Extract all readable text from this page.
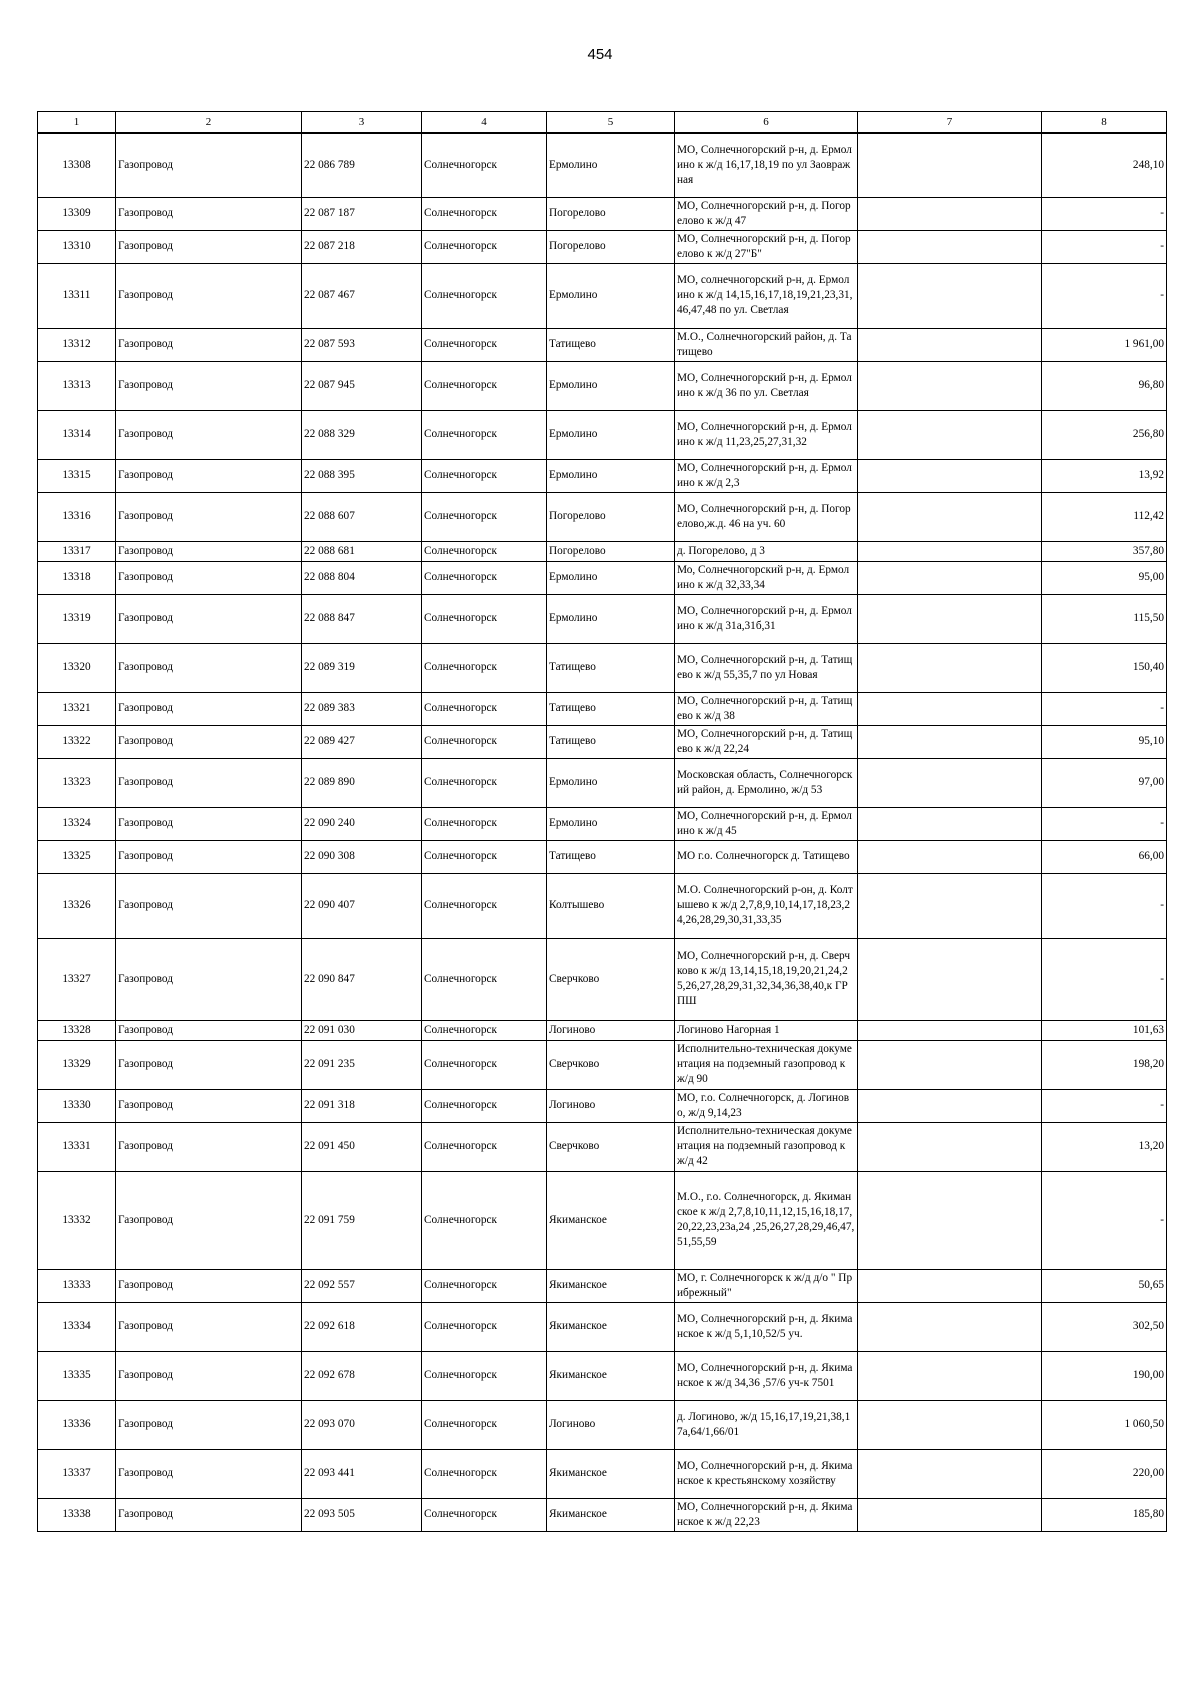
454
1	2	3	4	5	6	7	8
13308	Газопровод	22 086 789	Солнечногорск	Ермолино	МО, Солнечногорский р-н, д. Ермолино к ж/д 16,17,18,19 по ул Заовражная		248,10
13309	Газопровод	22 087 187	Солнечногорск	Погорелово	МО, Солнечногорский р-н, д. Погорелово к ж/д 47		-
13310	Газопровод	22 087 218	Солнечногорск	Погорелово	МО, Солнечногорский р-н, д. Погорелово к ж/д 27"Б"		-
13311	Газопровод	22 087 467	Солнечногорск	Ермолино	МО, солнечногорский р-н, д. Ермолино к ж/д 14,15,16,17,18,19,21,23,31,46,47,48 по ул. Светлая		-
13312	Газопровод	22 087 593	Солнечногорск	Татищево	М.О., Солнечногорский район, д. Татищево		1 961,00
13313	Газопровод	22 087 945	Солнечногорск	Ермолино	МО, Солнечногорский р-н, д. Ермолино к ж/д 36 по ул. Светлая		96,80
13314	Газопровод	22 088 329	Солнечногорск	Ермолино	МО, Солнечногорский р-н, д. Ермолино к ж/д 11,23,25,27,31,32		256,80
13315	Газопровод	22 088 395	Солнечногорск	Ермолино	МО, Солнечногорский р-н, д. Ермолино к ж/д 2,3		13,92
13316	Газопровод	22 088 607	Солнечногорск	Погорелово	МО, Солнечногорский р-н, д. Погорелово,ж.д. 46 на уч. 60		112,42
13317	Газопровод	22 088 681	Солнечногорск	Погорелово	д. Погорелово, д 3		357,80
13318	Газопровод	22 088 804	Солнечногорск	Ермолино	Мо, Солнечногорский р-н, д. Ермолино к ж/д 32,33,34		95,00
13319	Газопровод	22 088 847	Солнечногорск	Ермолино	МО, Солнечногорский р-н, д. Ермолино к ж/д 31а,31б,31		115,50
13320	Газопровод	22 089 319	Солнечногорск	Татищево	МО, Солнечногорский р-н, д. Татищево к ж/д 55,35,7 по ул Новая		150,40
13321	Газопровод	22 089 383	Солнечногорск	Татищево	МО, Солнечногорский р-н, д. Татищево к ж/д 38		-
13322	Газопровод	22 089 427	Солнечногорск	Татищево	МО, Солнечногорский р-н, д. Татищево к ж/д 22,24		95,10
13323	Газопровод	22 089 890	Солнечногорск	Ермолино	Московская область, Солнечногорский район, д. Ермолино, ж/д 53		97,00
13324	Газопровод	22 090 240	Солнечногорск	Ермолино	МО, Солнечногорский р-н, д. Ермолино к ж/д 45		-
13325	Газопровод	22 090 308	Солнечногорск	Татищево	МО г.о. Солнечногорск д. Татищево		66,00
13326	Газопровод	22 090 407	Солнечногорск	Колтышево	М.О. Солнечногорский р-он, д. Колтышево к ж/д 2,7,8,9,10,14,17,18,23,24,26,28,29,30,31,33,35		-
13327	Газопровод	22 090 847	Солнечногорск	Сверчково	МО, Солнечногорский р-н, д. Сверчково к ж/д 13,14,15,18,19,20,21,24,25,26,27,28,29,31,32,34,36,38,40,к ГРПШ		-
13328	Газопровод	22 091 030	Солнечногорск	Логиново	Логиново Нагорная 1		101,63
13329	Газопровод	22 091 235	Солнечногорск	Сверчково	Исполнительно-техническая документация на подземный газопровод к ж/д 90		198,20
13330	Газопровод	22 091 318	Солнечногорск	Логиново	МО, г.о. Солнечногорск, д. Логиново, ж/д 9,14,23		-
13331	Газопровод	22 091 450	Солнечногорск	Сверчково	Исполнительно-техническая документация на подземный газопровод к ж/д 42		13,20
13332	Газопровод	22 091 759	Солнечногорск	Якиманское	М.О., г.о. Солнечногорск, д. Якиманское к ж/д 2,7,8,10,11,12,15,16,18,17,20,22,23,23а,24 ,25,26,27,28,29,46,47,51,55,59		-
13333	Газопровод	22 092 557	Солнечногорск	Якиманское	МО, г. Солнечногорск к ж/д д/о " Прибрежный"		50,65
13334	Газопровод	22 092 618	Солнечногорск	Якиманское	МО, Солнечногорский р-н, д. Якиманское к ж/д 5,1,10,52/5 уч.		302,50
13335	Газопровод	22 092 678	Солнечногорск	Якиманское	МО, Солнечногорский р-н, д. Якиманское к ж/д 34,36 ,57/6 уч-к 7501		190,00
13336	Газопровод	22 093 070	Солнечногорск	Логиново	д. Логиново, ж/д 15,16,17,19,21,38,17а,64/1,66/01		1 060,50
13337	Газопровод	22 093 441	Солнечногорск	Якиманское	МО, Солнечногорский р-н, д. Якиманское к крестьянскому хозяйству		220,00
13338	Газопровод	22 093 505	Солнечногорск	Якиманское	МО, Солнечногорский р-н, д. Якиманское к ж/д 22,23		185,80
